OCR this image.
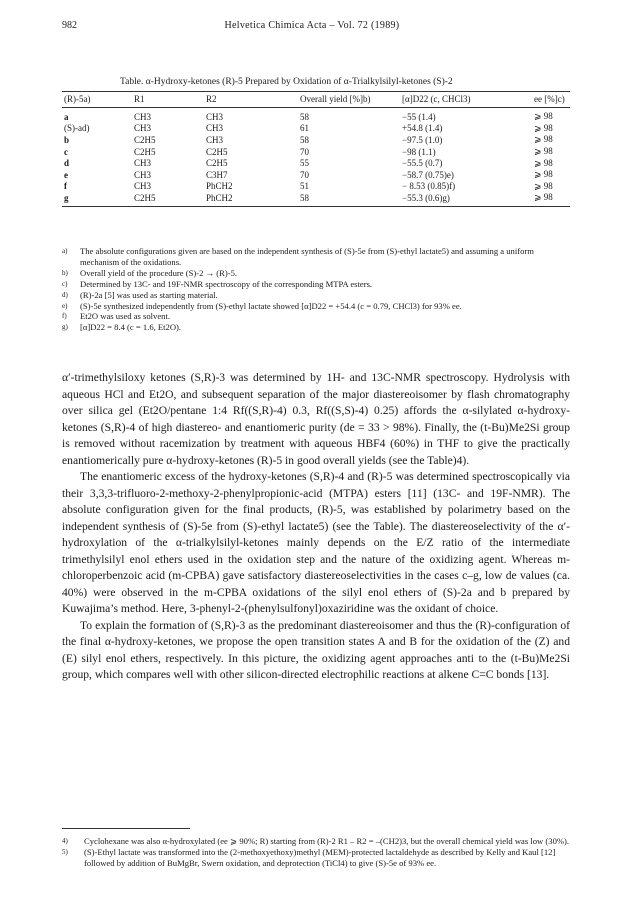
982	Helvetica Chimica Acta – Vol. 72 (1989)
Table. α-Hydroxy-ketones (R)-5 Prepared by Oxidation of α-Trialkylsilyl-ketones (S)-2
(R)-5a)	R1	R2	Overall yield [%]b)	[α]D22 (c, CHCl3)	ee [%]c)
a	CH3	CH3	58	−55 (1.4)	⩾ 98
(S)-ad)	CH3	CH3	61	+54.8 (1.4)	⩾ 98
b	C2H5	CH3	58	−97.5 (1.0)	⩾ 98
c	C2H5	C2H5	70	−98 (1.1)	⩾ 98
d	CH3	C2H5	55	−55.5 (0.7)	⩾ 98
e	CH3	C3H7	70	−58.7 (0.75)e)	⩾ 98
f	CH3	PhCH2	51	− 8.53 (0.85)f)	⩾ 98
g	C2H5	PhCH2	58	−55.3 (0.6)g)	⩾ 98
a)	The absolute configurations given are based on the independent synthesis of (S)-5e from (S)-ethyl lactate5) and assuming a uniform mechanism of the oxidations.
b)	Overall yield of the procedure (S)-2 → (R)-5.
c)	Determined by 13C- and 19F-NMR spectroscopy of the corresponding MTPA esters.
d)	(R)-2a [5] was used as starting material.
e)	(S)-5e synthesized independently from (S)-ethyl lactate showed [α]D22 = +54.4 (c = 0.79, CHCl3) for 93% ee.
f)	Et2O was used as solvent.
g)	[α]D22 = 8.4 (c = 1.6, Et2O).

α′-trimethylsiloxy ketones (S,R)-3 was determined by 1H- and 13C-NMR spectroscopy. Hydrolysis with aqueous HCl and Et2O, and subsequent separation of the major diastereoisomer by flash chromatography over silica gel (Et2O/pentane 1:4 Rf((S,R)-4) 0.3, Rf((S,S)-4) 0.25) affords the α-silylated α-hydroxy-ketones (S,R)-4 of high diastereo- and enantiomeric purity (de = 33 > 98%). Finally, the (t-Bu)Me2Si group is removed without racemization by treatment with aqueous HBF4 (60%) in THF to give the practically enantiomerically pure α-hydroxy-ketones (R)-5 in good overall yields (see the Table)4).

The enantiomeric excess of the hydroxy-ketones (S,R)-4 and (R)-5 was determined spectroscopically via their 3,3,3-trifluoro-2-methoxy-2-phenylpropionic-acid (MTPA) esters [11] (13C- and 19F-NMR). The absolute configuration given for the final products, (R)-5, was established by polarimetry based on the independent synthesis of (S)-5e from (S)-ethyl lactate5) (see the Table). The diastereoselectivity of the α′-hydroxylation of the α-trialkylsilyl-ketones mainly depends on the E/Z ratio of the intermediate trimethylsilyl enol ethers used in the oxidation step and the nature of the oxidizing agent. Whereas m-chloroperbenzoic acid (m-CPBA) gave satisfactory diastereoselectivities in the cases c–g, low de values (ca. 40%) were observed in the m-CPBA oxidations of the silyl enol ethers of (S)-2a and b prepared by Kuwajima’s method. Here, 3-phenyl-2-(phenylsulfonyl)oxaziridine was the oxidant of choice.

To explain the formation of (S,R)-3 as the predominant diastereoisomer and thus the (R)-configuration of the final α-hydroxy-ketones, we propose the open transition states A and B for the oxidation of the (Z) and (E) silyl enol ethers, respectively. In this picture, the oxidizing agent approaches anti to the (t-Bu)Me2Si group, which compares well with other silicon-directed electrophilic reactions at alkene C=C bonds [13].

4)	Cyclohexane was also α-hydroxylated (ee ⩾ 90%; R) starting from (R)-2 R1 – R2 = –(CH2)3, but the overall chemical yield was low (30%).
5)	(S)-Ethyl lactate was transformed into the (2-methoxyethoxy)methyl (MEM)-protected lactaldehyde as described by Kelly and Kaul [12] followed by addition of BuMgBr, Swern oxidation, and deprotection (TiCl4) to give (S)-5e of 93% ee.
